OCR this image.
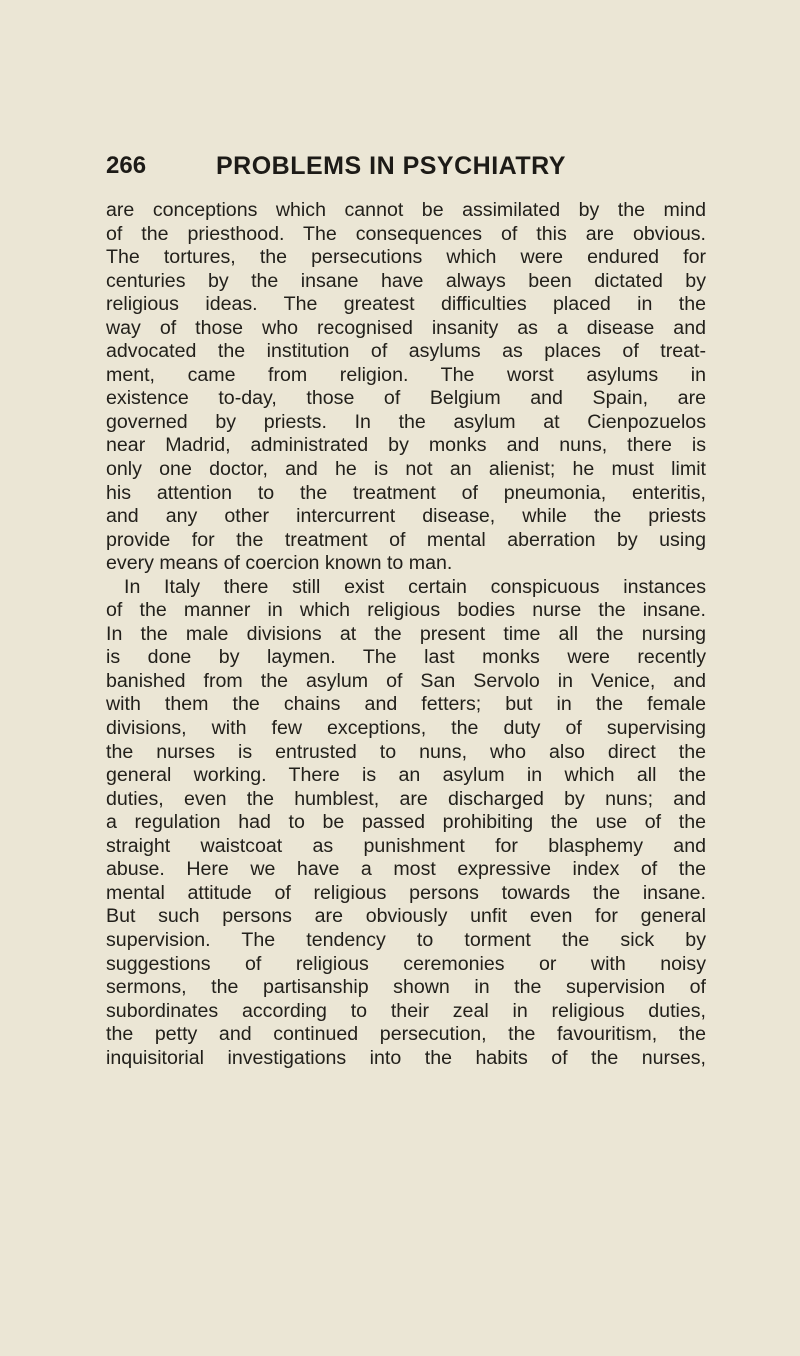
266	PROBLEMS IN PSYCHIATRY
are conceptions which cannot be assimilated by the mind
of the priesthood. The consequences of this are obvious.
The tortures, the persecutions which were endured for
centuries by the insane have always been dictated by
religious ideas. The greatest difficulties placed in the
way of those who recognised insanity as a disease and
advocated the institution of asylums as places of treat-
ment, came from religion. The worst asylums in
existence to-day, those of Belgium and Spain, are
governed by priests. In the asylum at Cienpozuelos
near Madrid, administrated by monks and nuns, there is
only one doctor, and he is not an alienist; he must limit
his attention to the treatment of pneumonia, enteritis,
and any other intercurrent disease, while the priests
provide for the treatment of mental aberration by using
every means of coercion known to man.
In Italy there still exist certain conspicuous instances
of the manner in which religious bodies nurse the insane.
In the male divisions at the present time all the nursing
is done by laymen. The last monks were recently
banished from the asylum of San Servolo in Venice, and
with them the chains and fetters; but in the female
divisions, with few exceptions, the duty of supervising
the nurses is entrusted to nuns, who also direct the
general working. There is an asylum in which all the
duties, even the humblest, are discharged by nuns; and
a regulation had to be passed prohibiting the use of the
straight waistcoat as punishment for blasphemy and
abuse. Here we have a most expressive index of the
mental attitude of religious persons towards the insane.
But such persons are obviously unfit even for general
supervision. The tendency to torment the sick by
suggestions of religious ceremonies or with noisy
sermons, the partisanship shown in the supervision of
subordinates according to their zeal in religious duties,
the petty and continued persecution, the favouritism, the
inquisitorial investigations into the habits of the nurses,
